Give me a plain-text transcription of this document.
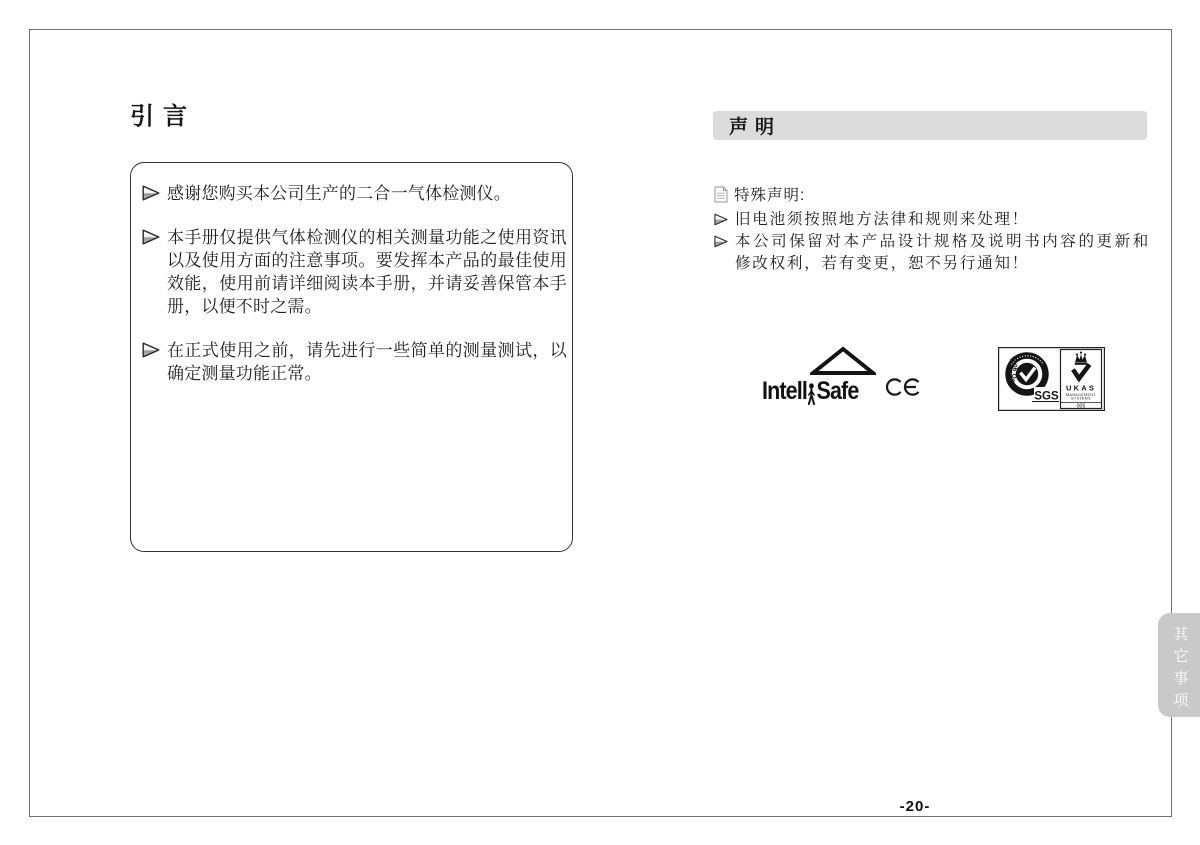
引言
感谢您购买本公司生产的二合一气体检测仪。
本手册仅提供气体检测仪的相关测量功能之使用资讯以及使用方面的注意事项。要发挥本产品的最佳使用效能，使用前请详细阅读本手册，并请妥善保管本手册，以便不时之需。
在正式使用之前，请先进行一些简单的测量测试，以确定测量功能正常。
声明
特殊声明:
旧电池须按照地方法律和规则来处理！
本公司保留对本产品设计规格及说明书内容的更新和修改权利，若有变更，恕不另行通知！
Intell Safe	ISO 9001
SGS
UKAS
MANAGEMENT
SYSTEMS
005
其它事项
-20-
